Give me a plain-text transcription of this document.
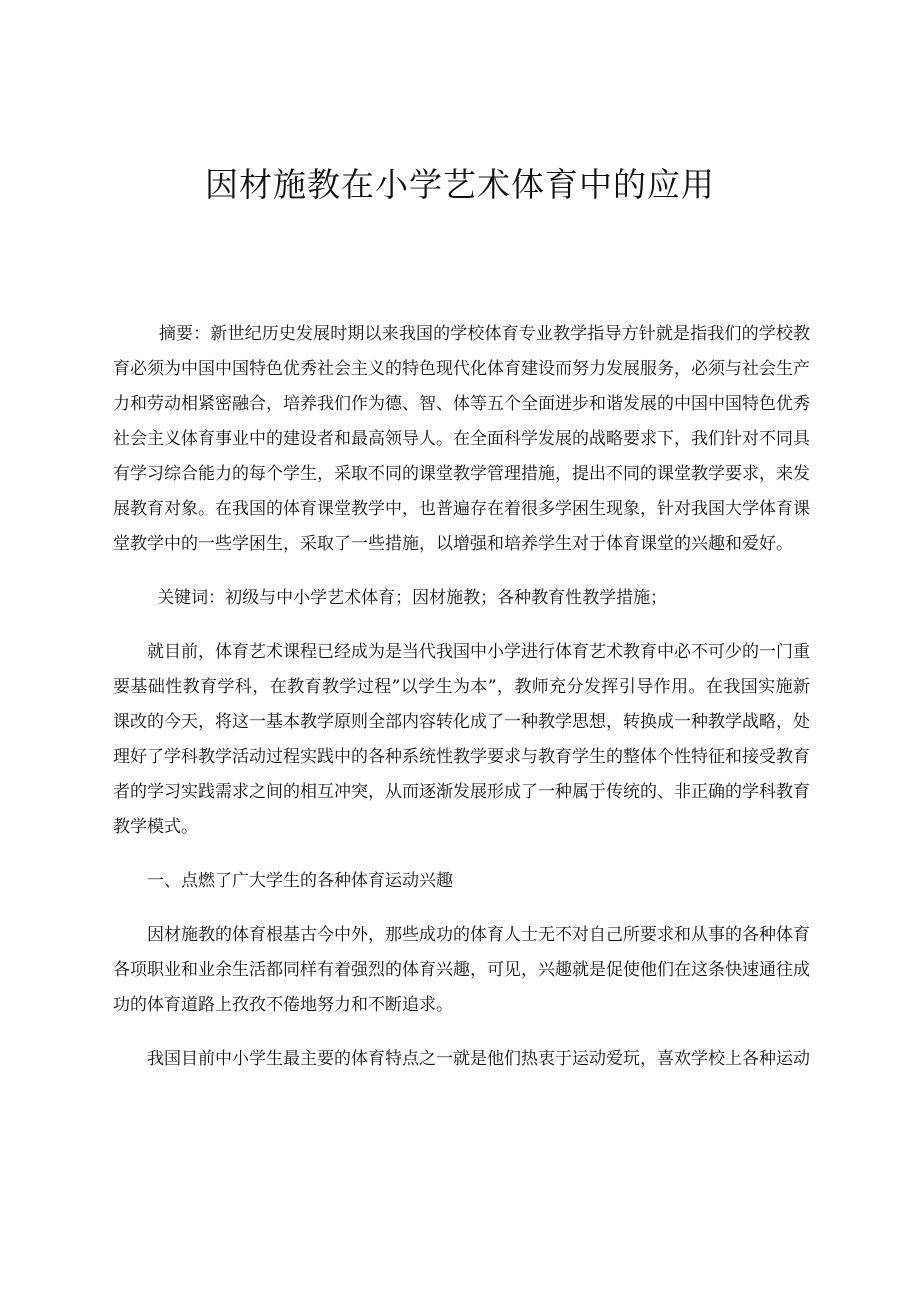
因材施教在小学艺术体育中的应用

摘要：新世纪历史发展时期以来我国的学校体育专业教学指导方针就是指我们的学校教育必须为中国中国特色优秀社会主义的特色现代化体育建设而努力发展服务，必须与社会生产力和劳动相紧密融合，培养我们作为德、智、体等五个全面进步和谐发展的中国中国特色优秀社会主义体育事业中的建设者和最高领导人。在全面科学发展的战略要求下，我们针对不同具有学习综合能力的每个学生，采取不同的课堂教学管理措施，提出不同的课堂教学要求，来发展教育对象。在我国的体育课堂教学中，也普遍存在着很多学困生现象，针对我国大学体育课堂教学中的一些学困生，采取了一些措施，以增强和培养学生对于体育课堂的兴趣和爱好。

关键词：初级与中小学艺术体育；因材施教；各种教育性教学措施；

就目前，体育艺术课程已经成为是当代我国中小学进行体育艺术教育中必不可少的一门重要基础性教育学科，在教育教学过程”以学生为本”，教师充分发挥引导作用。在我国实施新课改的今天，将这一基本教学原则全部内容转化成了一种教学思想，转换成一种教学战略，处理好了学科教学活动过程实践中的各种系统性教学要求与教育学生的整体个性特征和接受教育者的学习实践需求之间的相互冲突，从而逐渐发展形成了一种属于传统的、非正确的学科教育教学模式。

一、点燃了广大学生的各种体育运动兴趣

因材施教的体育根基古今中外，那些成功的体育人士无不对自己所要求和从事的各种体育各项职业和业余生活都同样有着强烈的体育兴趣，可见，兴趣就是促使他们在这条快速通往成功的体育道路上孜孜不倦地努力和不断追求。

我国目前中小学生最主要的体育特点之一就是他们热衷于运动爱玩，喜欢学校上各种运动
